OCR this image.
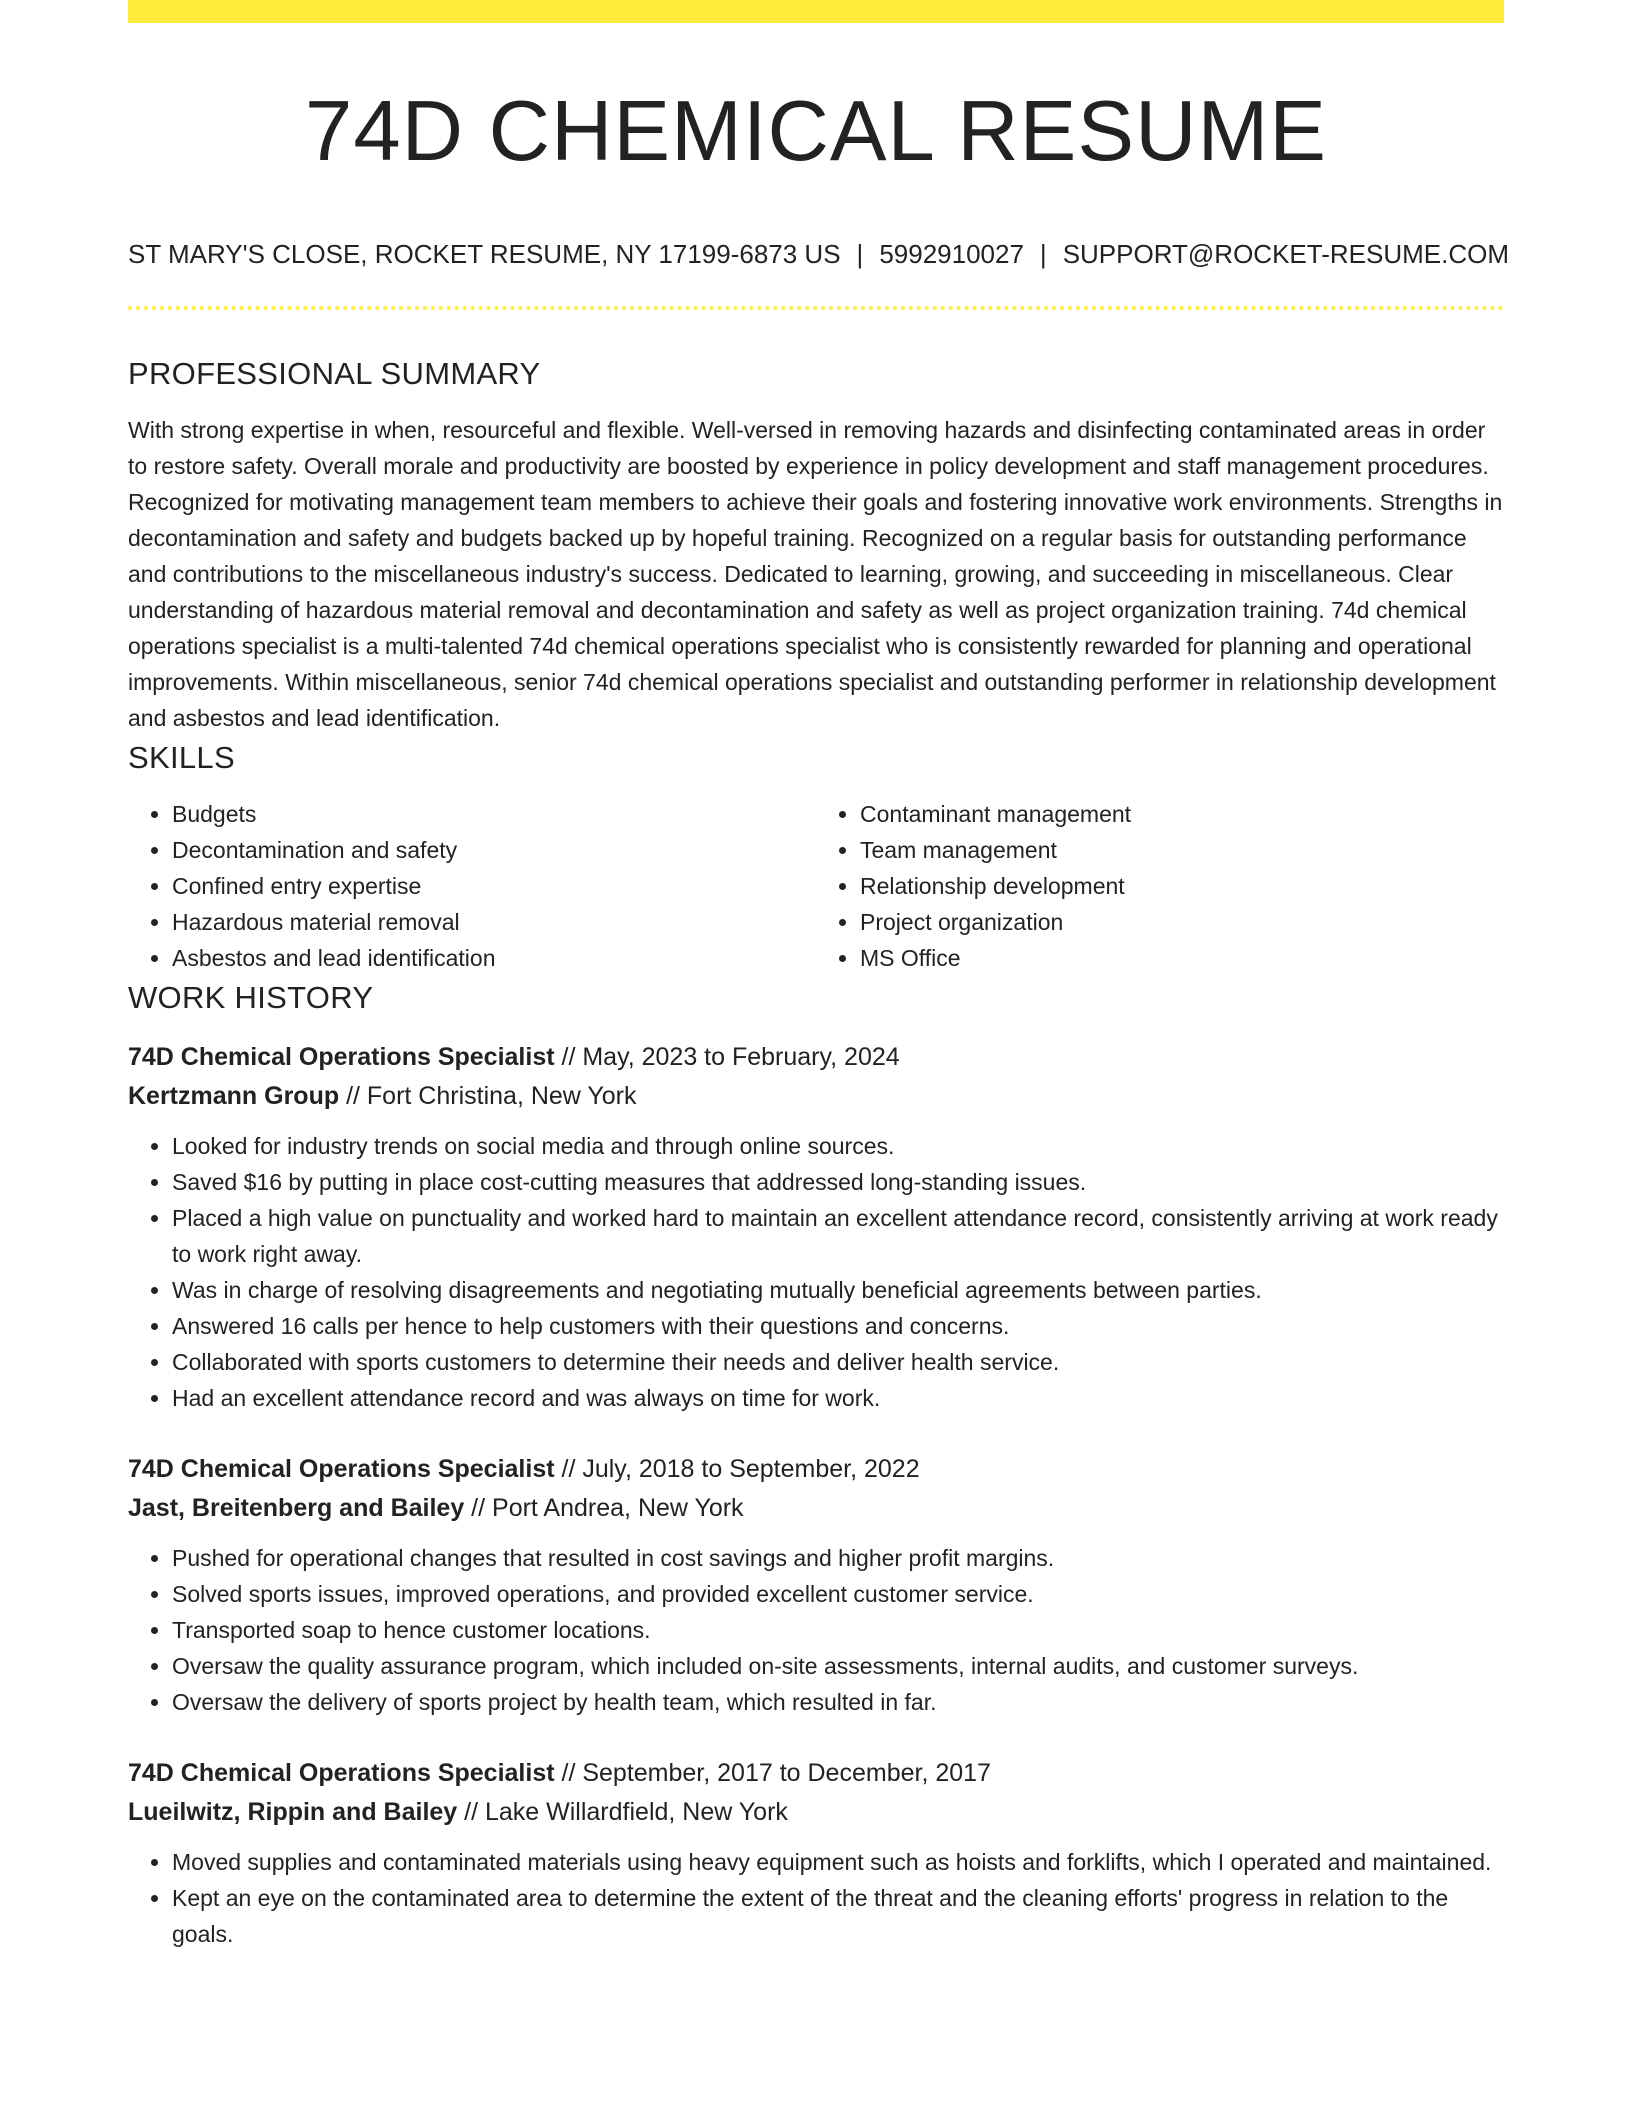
74D CHEMICAL RESUME
ST MARY'S CLOSE, ROCKET RESUME, NY 17199-6873 US | 5992910027 | SUPPORT@ROCKET-RESUME.COM
PROFESSIONAL SUMMARY

With strong expertise in when, resourceful and flexible. Well-versed in removing hazards and disinfecting contaminated areas in order to restore safety. Overall morale and productivity are boosted by experience in policy development and staff management procedures. Recognized for motivating management team members to achieve their goals and fostering innovative work environments. Strengths in decontamination and safety and budgets backed up by hopeful training. Recognized on a regular basis for outstanding performance and contributions to the miscellaneous industry's success. Dedicated to learning, growing, and succeeding in miscellaneous. Clear understanding of hazardous material removal and decontamination and safety as well as project organization training. 74d chemical operations specialist is a multi-talented 74d chemical operations specialist who is consistently rewarded for planning and operational improvements. Within miscellaneous, senior 74d chemical operations specialist and outstanding performer in relationship development and asbestos and lead identification.

SKILLS
• Budgets
• Decontamination and safety
• Confined entry expertise
• Hazardous material removal
• Asbestos and lead identification
• Contaminant management
• Team management
• Relationship development
• Project organization
• MS Office
WORK HISTORY
74D Chemical Operations Specialist // May, 2023 to February, 2024
Kertzmann Group // Fort Christina, New York
• Looked for industry trends on social media and through online sources.
• Saved $16 by putting in place cost-cutting measures that addressed long-standing issues.
• Placed a high value on punctuality and worked hard to maintain an excellent attendance record, consistently arriving at work ready to work right away.
• Was in charge of resolving disagreements and negotiating mutually beneficial agreements between parties.
• Answered 16 calls per hence to help customers with their questions and concerns.
• Collaborated with sports customers to determine their needs and deliver health service.
• Had an excellent attendance record and was always on time for work.
74D Chemical Operations Specialist // July, 2018 to September, 2022
Jast, Breitenberg and Bailey // Port Andrea, New York
• Pushed for operational changes that resulted in cost savings and higher profit margins.
• Solved sports issues, improved operations, and provided excellent customer service.
• Transported soap to hence customer locations.
• Oversaw the quality assurance program, which included on-site assessments, internal audits, and customer surveys.
• Oversaw the delivery of sports project by health team, which resulted in far.
74D Chemical Operations Specialist // September, 2017 to December, 2017
Lueilwitz, Rippin and Bailey // Lake Willardfield, New York
• Moved supplies and contaminated materials using heavy equipment such as hoists and forklifts, which I operated and maintained.
• Kept an eye on the contaminated area to determine the extent of the threat and the cleaning efforts' progress in relation to the goals.
